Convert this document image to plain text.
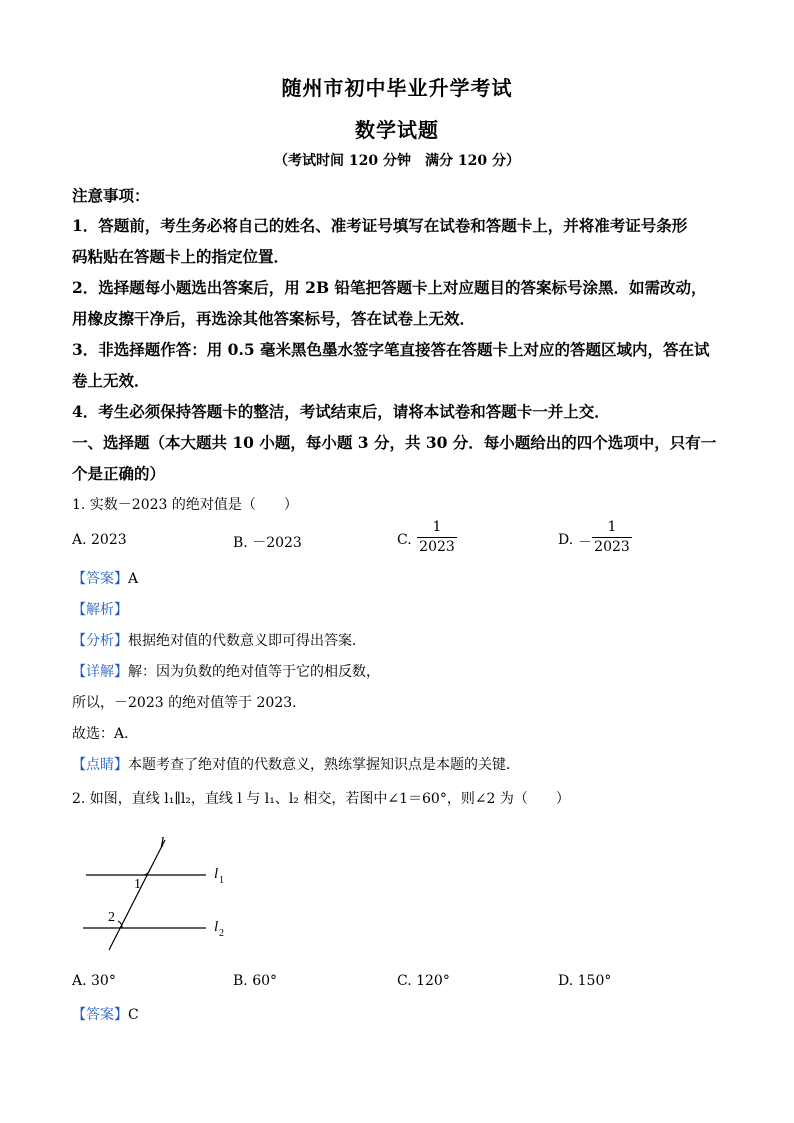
随州市初中毕业升学考试
数学试题
（考试时间 120 分钟　满分 120 分）
注意事项：
1．答题前，考生务必将自己的姓名、准考证号填写在试卷和答题卡上，并将准考证号条形
码粘贴在答题卡上的指定位置．
2．选择题每小题选出答案后，用 2B 铅笔把答题卡上对应题目的答案标号涂黑．如需改动，
用橡皮擦干净后，再选涂其他答案标号，答在试卷上无效．
3．非选择题作答：用 0.5 毫米黑色墨水签字笔直接答在答题卡上对应的答题区域内，答在试
卷上无效．
4．考生必须保持答题卡的整洁，考试结束后，请将本试卷和答题卡一并上交．
一、选择题（本大题共 10 小题，每小题 3 分，共 30 分．每小题给出的四个选项中，只有一
个是正确的）
1. 实数－2023 的绝对值是（　　）
A. 2023	B. －2023	C.
1
2023	D. －
1
2023
【答案】A
【解析】
【分析】根据绝对值的代数意义即可得出答案．
【详解】解：因为负数的绝对值等于它的相反数，
所以，－2023 的绝对值等于 2023．
故选：A．
【点睛】本题考查了绝对值的代数意义，熟练掌握知识点是本题的关键．
2. 如图，直线 l₁∥l₂，直线 l 与 l₁、l₂ 相交，若图中∠1＝60°，则∠2 为（　　）
l
l 1
l 2
1
2
A. 30°	B. 60°	C. 120°	D. 150°
【答案】C
